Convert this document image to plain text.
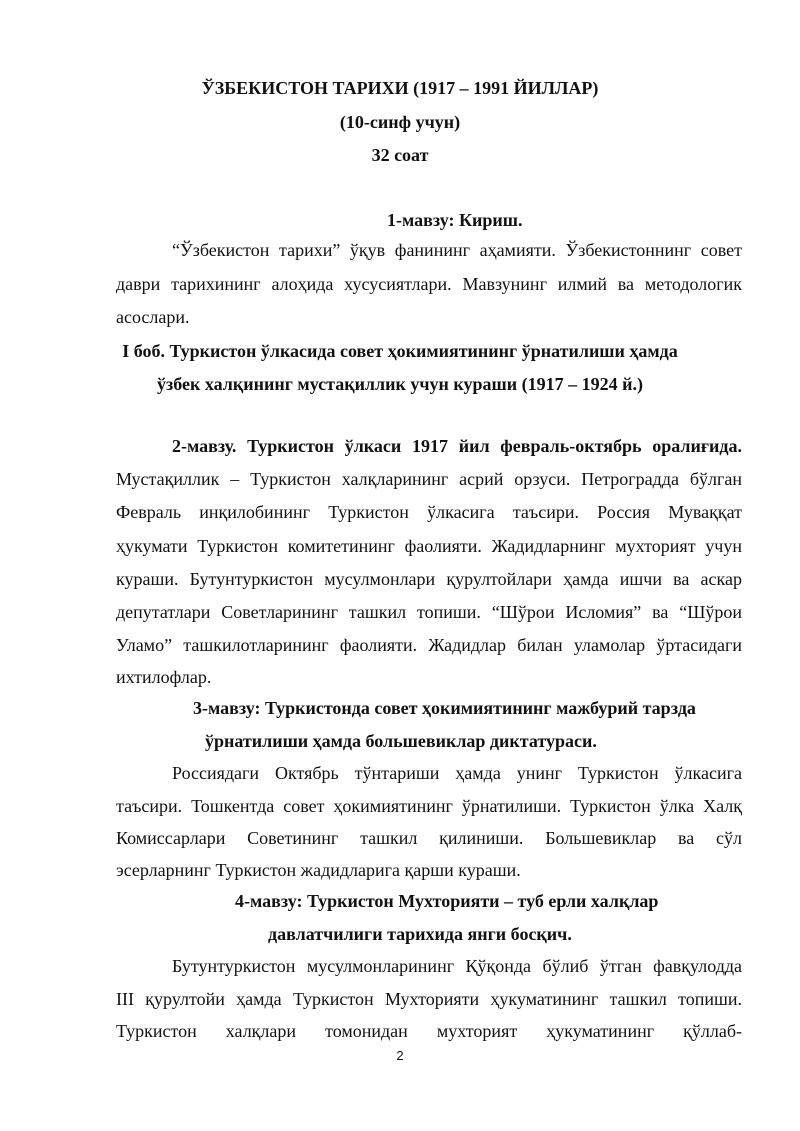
ЎЗБЕКИСТОН ТАРИХИ (1917 – 1991 ЙИЛЛАР)
(10-синф учун)
32 соат
1-мавзу: Кириш.
“Ўзбекистон тарихи” ўқув фанининг аҳамияти. Ўзбекистоннинг совет
даври тарихининг алоҳида хусусиятлари. Мавзунинг илмий ва методологик
асослари.
I боб. Туркистон ўлкасида совет ҳокимиятининг ўрнатилиши ҳамда
ўзбек халқининг мустақиллик учун кураши (1917 – 1924 й.)
2-мавзу. Туркистон ўлкаси 1917 йил февраль-октябрь оралиғида.
Мустақиллик – Туркистон халқларининг асрий орзуси. Петроградда бўлган
Февраль инқилобининг Туркистон ўлкасига таъсири. Россия Муваққат
ҳукумати Туркистон комитетининг фаолияти. Жадидларнинг мухторият учун
кураши. Бутунтуркистон мусулмонлари қурултойлари ҳамда ишчи ва аскар
депутатлари Советларининг ташкил топиши. “Шўрои Исломия” ва “Шўрои
Уламо” ташкилотларининг фаолияти. Жадидлар билан уламолар ўртасидаги
ихтилофлар.
3-мавзу: Туркистонда совет ҳокимиятининг мажбурий тарзда
ўрнатилиши ҳамда большевиклар диктатураси.
Россиядаги Октябрь тўнтариши ҳамда унинг Туркистон ўлкасига
таъсири. Тошкентда совет ҳокимиятининг ўрнатилиши. Туркистон ўлка Халқ
Комиссарлари Советининг ташкил қилиниши. Большевиклар ва сўл
эсерларнинг Туркистон жадидларига қарши кураши.
4-мавзу: Туркистон Мухторияти – туб ерли халқлар
давлатчилиги тарихида янги босқич.
Бутунтуркистон мусулмонларининг Қўқонда бўлиб ўтган фавқулодда
III қурултойи ҳамда Туркистон Мухторияти ҳукуматининг ташкил топиши.
Туркистон халқлари томонидан мухторият ҳукуматининг қўллаб-
2
